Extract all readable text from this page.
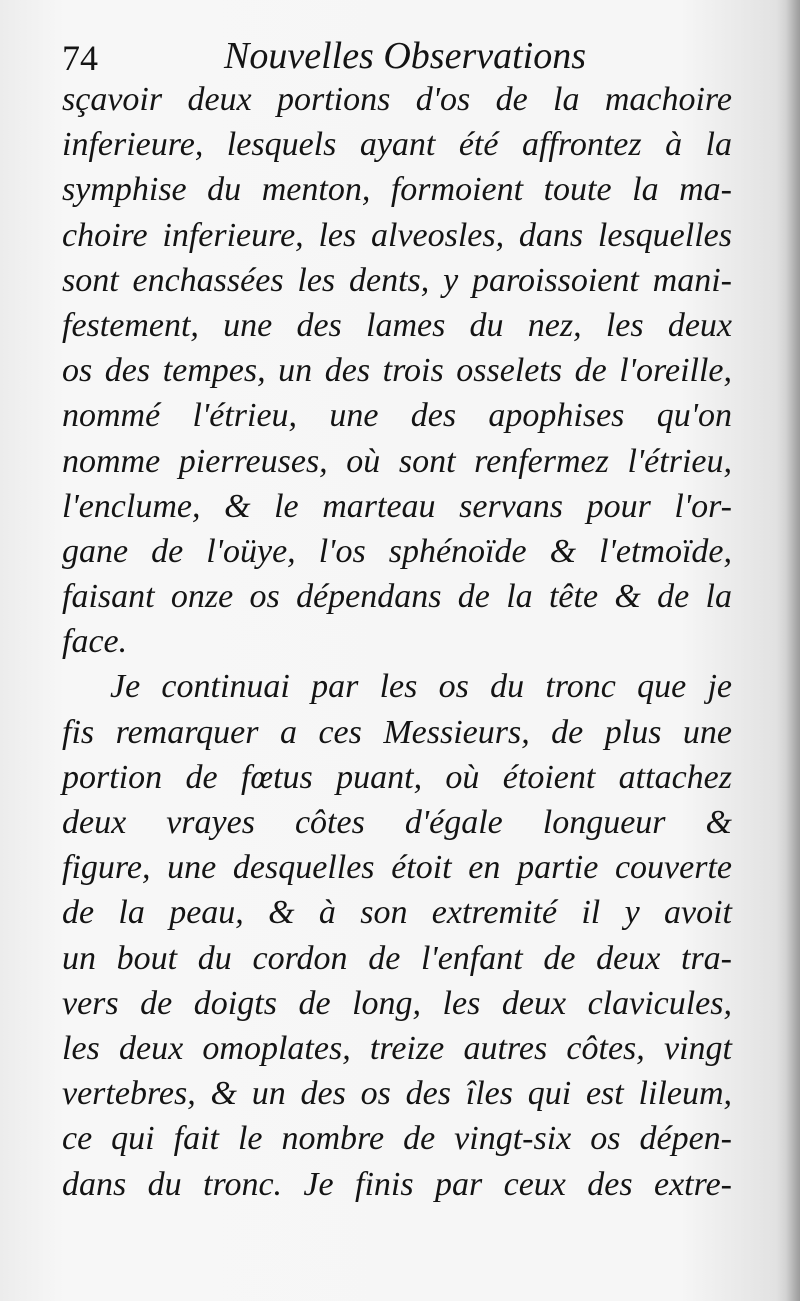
74	Nouvelles Observations
sçavoir deux portions d'os de la machoire
inferieure, lesquels ayant été affrontez à la
symphise du menton, formoient toute la ma-
choire inferieure, les alveosles, dans lesquelles
sont enchassées les dents, y paroissoient mani-
festement, une des lames du nez, les deux
os des tempes, un des trois osselets de l'oreille,
nommé l'étrieu, une des apophises qu'on
nomme pierreuses, où sont renfermez l'étrieu,
l'enclume, & le marteau servans pour l'or-
gane de l'oüye, l'os sphénoïde & l'etmoïde,
faisant onze os dépendans de la tête & de la
face.
Je continuai par les os du tronc que je
fis remarquer a ces Messieurs, de plus une
portion de fœtus puant, où étoient attachez
deux vrayes côtes d'égale longueur &
figure, une desquelles étoit en partie couverte
de la peau, & à son extremité il y avoit
un bout du cordon de l'enfant de deux tra-
vers de doigts de long, les deux clavicules,
les deux omoplates, treize autres côtes, vingt
vertebres, & un des os des îles qui est lileum,
ce qui fait le nombre de vingt-six os dépen-
dans du tronc. Je finis par ceux des extre-
